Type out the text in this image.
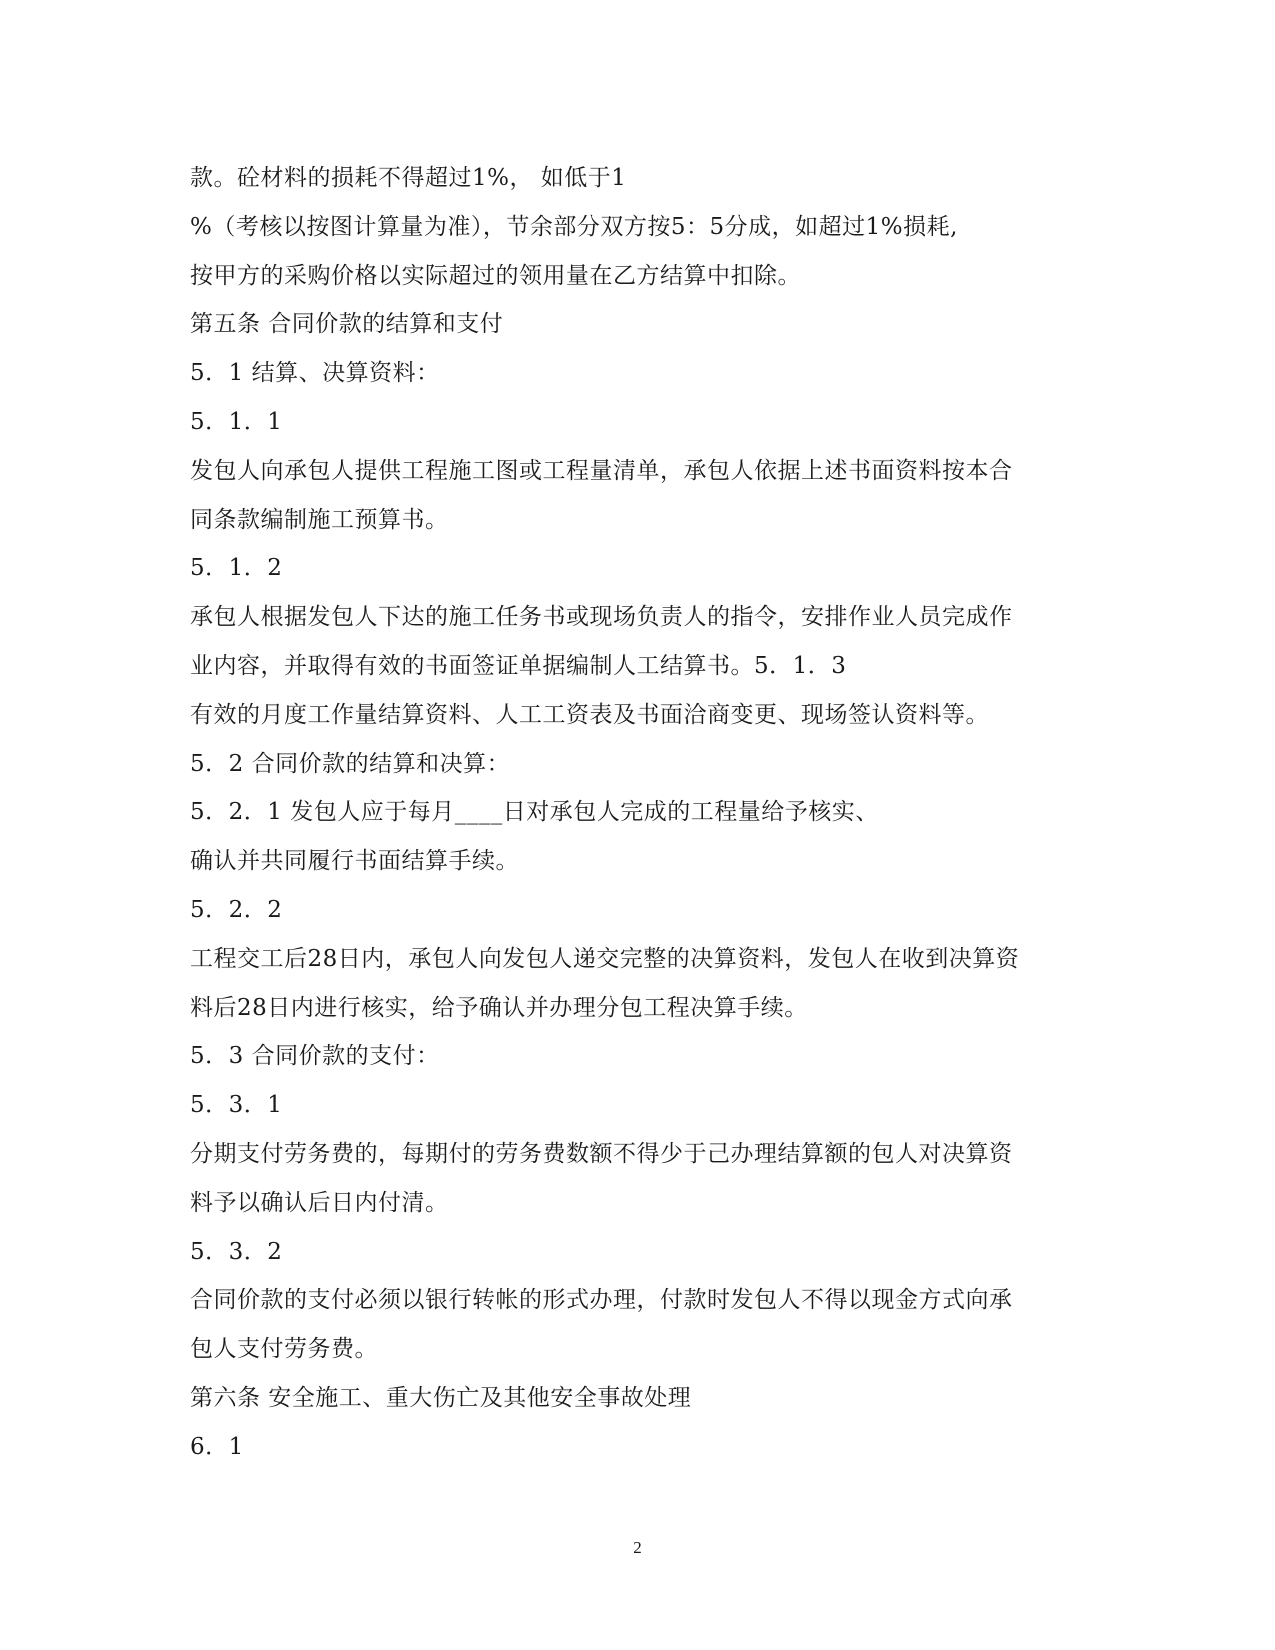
款。砼材料的损耗不得超过1%， 如低于1
%（考核以按图计算量为准），节余部分双方按5：5分成，如超过1%损耗,
按甲方的采购价格以实际超过的领用量在乙方结算中扣除。
第五条 合同价款的结算和支付
5．1 结算、决算资料：
5．1．1
发包人向承包人提供工程施工图或工程量清单，承包人依据上述书面资料按本合
同条款编制施工预算书。
5．1．2
承包人根据发包人下达的施工任务书或现场负责人的指令，安排作业人员完成作
业内容，并取得有效的书面签证单据编制人工结算书。5．1．3
有效的月度工作量结算资料、人工工资表及书面洽商变更、现场签认资料等。
5．2 合同价款的结算和决算：
5．2．1 发包人应于每月____日对承包人完成的工程量给予核实、
确认并共同履行书面结算手续。
5．2．2
工程交工后28日内，承包人向发包人递交完整的决算资料，发包人在收到决算资
料后28日内进行核实，给予确认并办理分包工程决算手续。
5．3 合同价款的支付：
5．3．1
分期支付劳务费的，每期付的劳务费数额不得少于己办理结算额的包人对决算资
料予以确认后日内付清。
5．3．2
合同价款的支付必须以银行转帐的形式办理，付款时发包人不得以现金方式向承
包人支付劳务费。
第六条 安全施工、重大伤亡及其他安全事故处理
6．1
2
